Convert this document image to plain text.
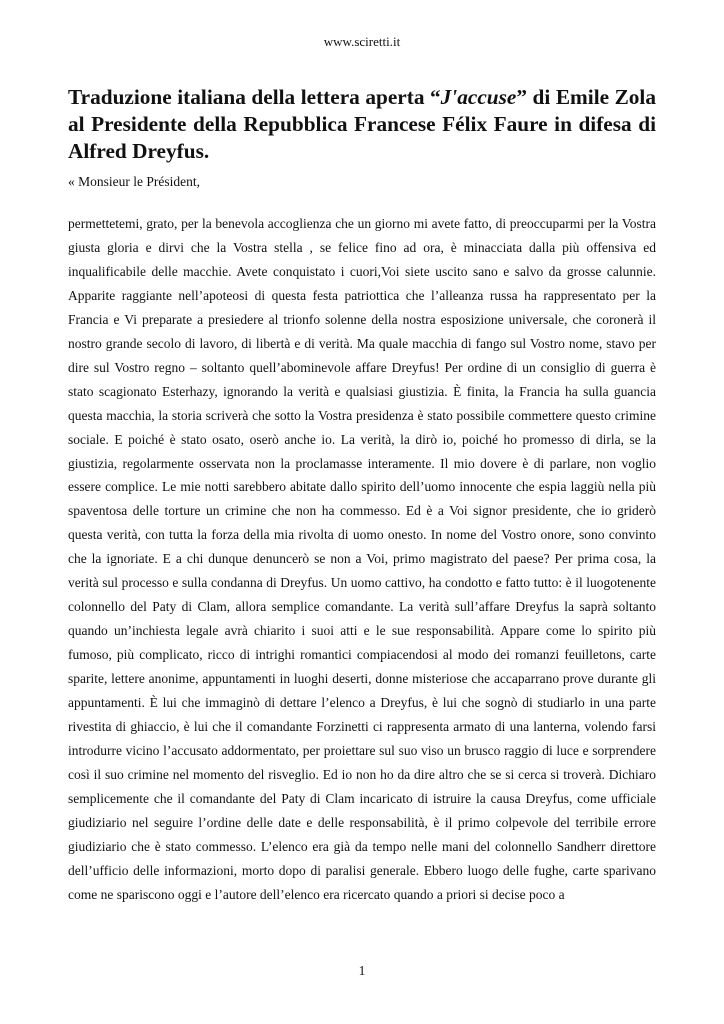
www.sciretti.it
Traduzione italiana della lettera aperta “J'accuse” di Emile Zola al Presidente della Repubblica Francese Félix Faure in difesa di Alfred Dreyfus.
« Monsieur le Président,

permettetemi, grato, per la benevola accoglienza che un giorno mi avete fatto, di preoccuparmi per la Vostra giusta gloria e dirvi che la Vostra stella , se felice fino ad ora, è minacciata dalla più offensiva ed inqualificabile delle macchie. Avete conquistato i cuori,Voi siete uscito sano e salvo da grosse calunnie. Apparite raggiante nell’apoteosi di questa festa patriottica che l’alleanza russa ha rappresentato per la Francia e Vi preparate a presiedere al trionfo solenne della nostra esposizione universale, che coronerà il nostro grande secolo di lavoro, di libertà e di verità. Ma quale macchia di fango sul Vostro nome, stavo per dire sul Vostro regno – soltanto quell’abominevole affare Dreyfus! Per ordine di un consiglio di guerra è stato scagionato Esterhazy, ignorando la verità e qualsiasi giustizia. È finita, la Francia ha sulla guancia questa macchia, la storia scriverà che sotto la Vostra presidenza è stato possibile commettere questo crimine sociale. E poiché è stato osato, oserò anche io. La verità, la dirò io, poiché ho promesso di dirla, se la giustizia, regolarmente osservata non la proclamasse interamente. Il mio dovere è di parlare, non voglio essere complice. Le mie notti sarebbero abitate dallo spirito dell’uomo innocente che espia laggiù nella più spaventosa delle torture un crimine che non ha commesso. Ed è a Voi signor presidente, che io griderò questa verità, con tutta la forza della mia rivolta di uomo onesto. In nome del Vostro onore, sono convinto che la ignoriate. E a chi dunque denuncerò se non a Voi, primo magistrato del paese? Per prima cosa, la verità sul processo e sulla condanna di Dreyfus. Un uomo cattivo, ha condotto e fatto tutto: è il luogotenente colonnello del Paty di Clam, allora semplice comandante. La verità sull’affare Dreyfus la saprà soltanto quando un’inchiesta legale avrà chiarito i suoi atti e le sue responsabilità. Appare come lo spirito più fumoso, più complicato, ricco di intrighi romantici compiacendosi al modo dei romanzi feuilletons, carte sparite, lettere anonime, appuntamenti in luoghi deserti, donne misteriose che accaparrano prove durante gli appuntamenti. È lui che immaginò di dettare l’elenco a Dreyfus, è lui che sognò di studiarlo in una parte rivestita di ghiaccio, è lui che il comandante Forzinetti ci rappresenta armato di una lanterna, volendo farsi introdurre vicino l’accusato addormentato, per proiettare sul suo viso un brusco raggio di luce e sorprendere così il suo crimine nel momento del risveglio. Ed io non ho da dire altro che se si cerca si troverà. Dichiaro semplicemente che il comandante del Paty di Clam incaricato di istruire la causa Dreyfus, come ufficiale giudiziario nel seguire l’ordine delle date e delle responsabilità, è il primo colpevole del terribile errore giudiziario che è stato commesso. L’elenco era già da tempo nelle mani del colonnello Sandherr direttore dell’ufficio delle informazioni, morto dopo di paralisi generale. Ebbero luogo delle fughe, carte sparivano come ne spariscono oggi e l’autore dell’elenco era ricercato quando a priori si decise poco a

1
